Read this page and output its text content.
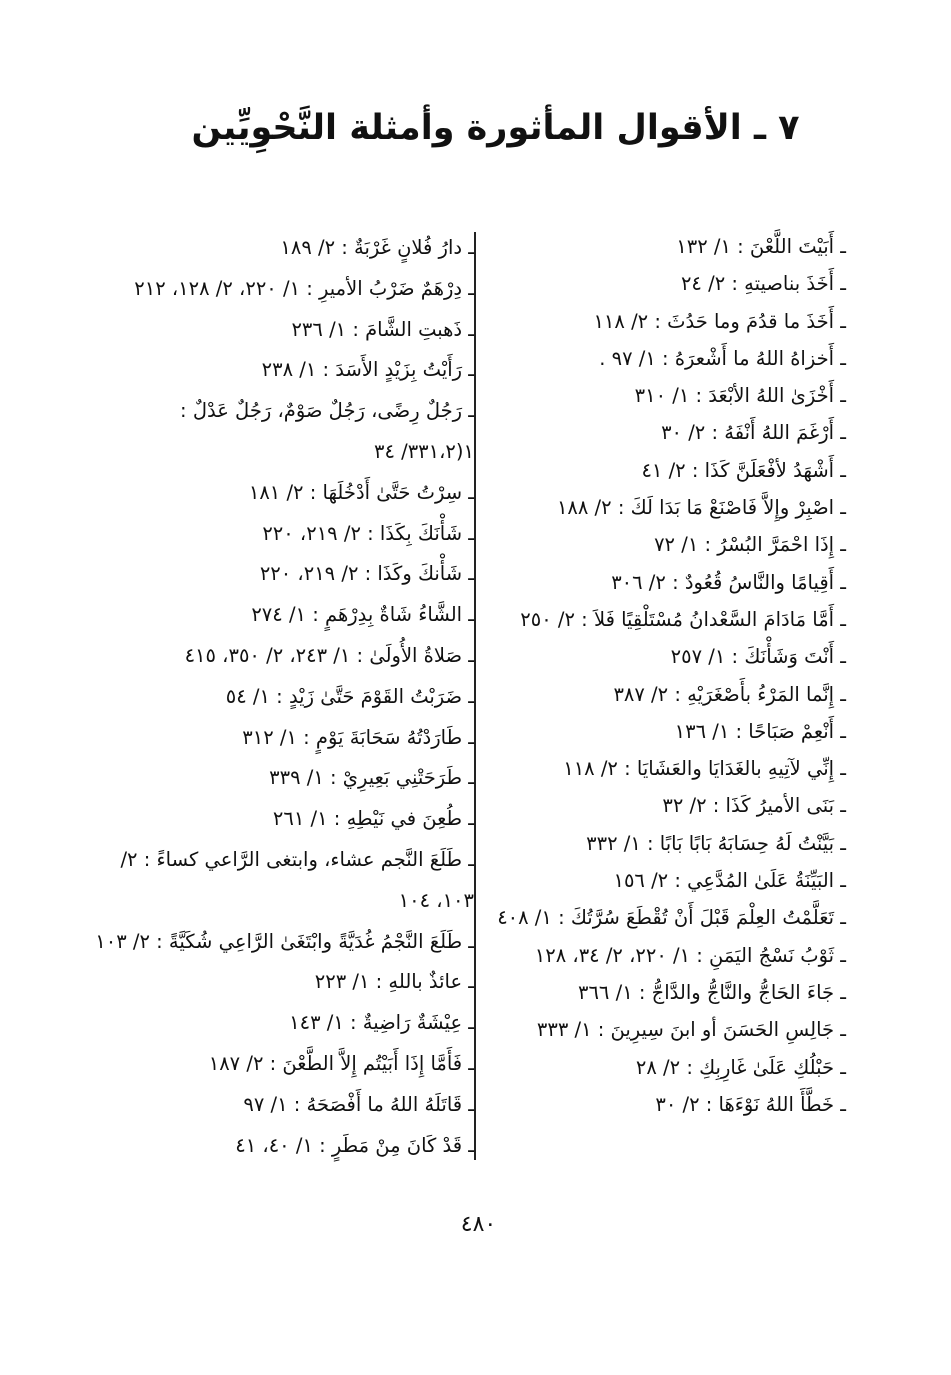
٧ ـ الأقوال المأثورة وأمثلة النَّحْوِيِّين
ـ أَبَيْتَ اللَّعْنَ : ١/ ١٣٢
ـ أَخَذَ بناصيتهِ : ٢/ ٢٤
ـ أَخَذَ ما قدُمَ وما حَدُثَ : ٢/ ١١٨
ـ أَخزاهُ اللهُ ما أَشْعرَهُ : ١/ ٩٧ .
ـ أَخْزَىٰ اللهُ الأبْعَدَ : ١/ ٣١٠
ـ أَرْغَمَ اللهُ أَنْفَهُ : ٢/ ٣٠
ـ أَشْهَدُ لأفْعَلَنَّ كَذَا : ٢/ ٤١
ـ اصْبِرْ وإِلاَّ فَاصْنَعْ مَا بَدَا لَكَ : ٢/ ١٨٨
ـ إِذَا احْمَرَّ البُسْرُ : ١/ ٧٢
ـ أَقِيامًا والنَّاسُ قُعُودٌ : ٢/ ٣٠٦
ـ أَمَّا مَادَامَ السَّعْدانُ مُسْتَلْقِيًا فَلاَ : ٢/ ٢٥٠
ـ أَنْتَ وَشَأْنَكَ : ١/ ٢٥٧
ـ إِنَّما المَرْءُ بأَصْغَرَيْهِ : ٢/ ٣٨٧
ـ أَنْعِمْ صَبَاحًا : ١/ ١٣٦
ـ إِنِّي لآتِيهِ بالغَدَايَا والعَشَايَا : ٢/ ١١٨
ـ بَنَى الأميرُ كَذَا : ٢/ ٣٢
ـ بَيَّنْتُ لَهُ حِسَابَهُ بَابًا بَابًا : ١/ ٣٣٢
ـ البَيِّنَةُ عَلَىٰ المُدَّعِي : ٢/ ١٥٦
ـ تَعَلَّمْتُ العِلْمَ قَبْلَ أَنْ تُقْطَعَ سُرَّتُكَ : ١/ ٤٠٨
ـ ثَوْبُ نَسْجُ اليَمَنِ : ١/ ٢٢٠، ٢/ ٣٤، ١٢٨
ـ جَاءَ الحَاجُّ والنَّاجُّ والدَّاجُّ : ١/ ٣٦٦
ـ جَالِسِ الحَسَنَ أو ابنَ سِيرِينَ : ١/ ٣٣٣
ـ حَبْلُكِ عَلَىٰ غَارِبِكِ : ٢/ ٢٨
ـ خَطَّأَ اللهُ نَوْءَهَا : ٢/ ٣٠
ـ دارُ فُلانٍ غَرْبَةٌ : ٢/ ١٨٩
ـ دِرْهَمٌ ضَرْبُ الأميرِ : ١/ ٢٢٠، ٢/ ١٢٨، ٢١٢
ـ ذَهبتِ الشَّامَ : ١/ ٢٣٦
ـ رَأَيْتُ بِزَيْدٍ الأَسَدَ : ١/ ٢٣٨
ـ رَجُلٌ رِضًى، رَجُلٌ صَوْمٌ، رَجُلٌ عَدْلٌ : ١(٣٣١،٢/ ٣٤
ـ سِرْتُ حَتَّىٰ أَدْخُلَهَا : ٢/ ١٨١
ـ شَأْنَكَ بِكَذَا : ٢/ ٢١٩، ٢٢٠
ـ شَأْنكَ وكَذَا : ٢/ ٢١٩، ٢٢٠
ـ الشَّاءُ شَاةٌ بِدِرْهَمٍ : ١/ ٢٧٤
ـ صَلاةُ الأُولَىٰ : ١/ ٢٤٣، ٢/ ٣٥٠، ٤١٥
ـ ضَرَبْتُ القَوْمَ حَتَّىٰ زَيْدٍ : ١/ ٥٤
ـ طَارَدْتُهُ سَحَابَةَ يَوْمٍ : ١/ ٣١٢
ـ طَرَحَتْنِي بَعِيرِيْ : ١/ ٣٣٩
ـ طُعِنَ في نَيْطِهِ : ١/ ٢٦١
ـ طَلَعَ النَّجم عشاء، وابتغى الرَّاعي كساءً : ٢/ ١٠٣، ١٠٤
ـ طَلَعَ النَّجْمُ غُدَيَّةً وابْتَغَىٰ الرَّاعِي شُكَيَّةً : ٢/ ١٠٣
ـ عائذٌ باللهِ : ١/ ٢٢٣
ـ عِيْشَةٌ رَاضِيةٌ : ١/ ١٤٣
ـ فَأَمَّا إِذَا أَبَيْتُم إِلاَّ الطَّعْنَ : ٢/ ١٨٧
ـ قَاتَلَهُ اللهُ ما أَفْصَحَهُ : ١/ ٩٧
ـ قَدْ كَانَ مِنْ مَطَرٍ : ١/ ٤٠، ٤١
٤٨٠
